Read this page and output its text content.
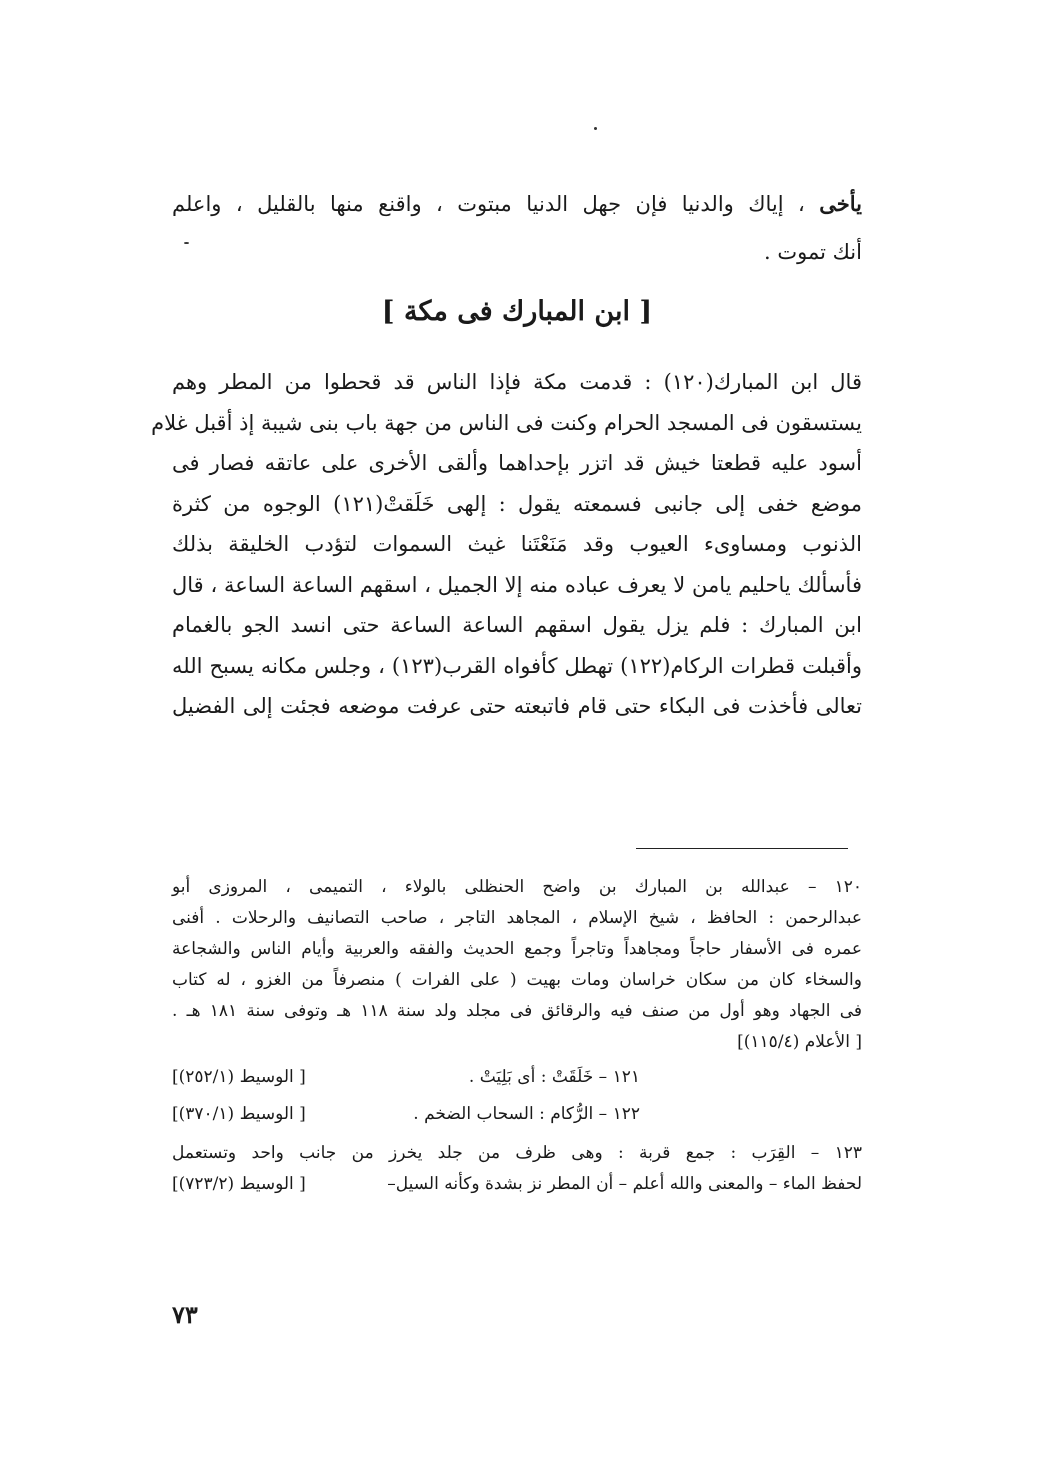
يأخى ، إياك والدنيا فإن جهل الدنيا مبتوت ، واقنع منها بالقليل ، واعلم
أنك تموت .
[ ابن المبارك فى مكة ]
قال ابن المبارك(١٢٠) : قدمت مكة فإذا الناس قد قحطوا من المطر وهم
يستسقون فى المسجد الحرام وكنت فى الناس من جهة باب بنى شيبة إذ أقبل غلام
أسود عليه قطعتا خيش قد اتزر بإحداهما وألقى الأخرى على عاتقه فصار فى
موضع خفى إلى جانبى فسمعته يقول : إلهى خَلَقتْ(١٢١) الوجوه من كثرة
الذنوب ومساوىء العيوب وقد مَنَعْتَنا غيث السموات لتؤدب الخليقة بذلك
فأسألك ياحليم يامن لا يعرف عباده منه إلا الجميل ، اسقهم الساعة الساعة ، قال
ابن المبارك : فلم يزل يقول اسقهم الساعة الساعة حتى انسد الجو بالغمام
وأقبلت قطرات الركام(١٢٢) تهطل كأفواه القرب(١٢٣) ، وجلس مكانه يسبح الله
تعالى فأخذت فى البكاء حتى قام فاتبعته حتى عرفت موضعه فجئت إلى الفضيل
١٢٠ – عبدالله بن المبارك بن واضح الحنظلى بالولاء ، التميمى ، المروزى أبو
عبدالرحمن : الحافظ ، شيخ الإسلام ، المجاهد التاجر ، صاحب التصانيف والرحلات . أفنى
عمره فى الأسفار حاجاً ومجاهداً وتاجراً وجمع الحديث والفقه والعربية وأيام الناس والشجاعة
والسخاء كان من سكان خراسان ومات بهيت ( على الفرات ) منصرفاً من الغزو ، له كتاب
فى الجهاد وهو أول من صنف فيه والرقائق فى مجلد ولد سنة ١١٨ هـ وتوفى سنة ١٨١ هـ .
[ الأعلام (١١٥/٤)]
١٢١ – خَلَقَتْ : أى بَلِيَتْ .
[ الوسيط (٢٥٢/١)]
١٢٢ – الرُّكام : السحاب الضخم .
[ الوسيط (٣٧٠/١)]
١٢٣ – القِرَب : جمع قربة : وهى ظرف من جلد يخرز من جانب واحد وتستعمل
لحفظ الماء – والمعنى والله أعلم – أن المطر نز بشدة وكأنه السيل–
[ الوسيط (٧٢٣/٢)]
٧٣
